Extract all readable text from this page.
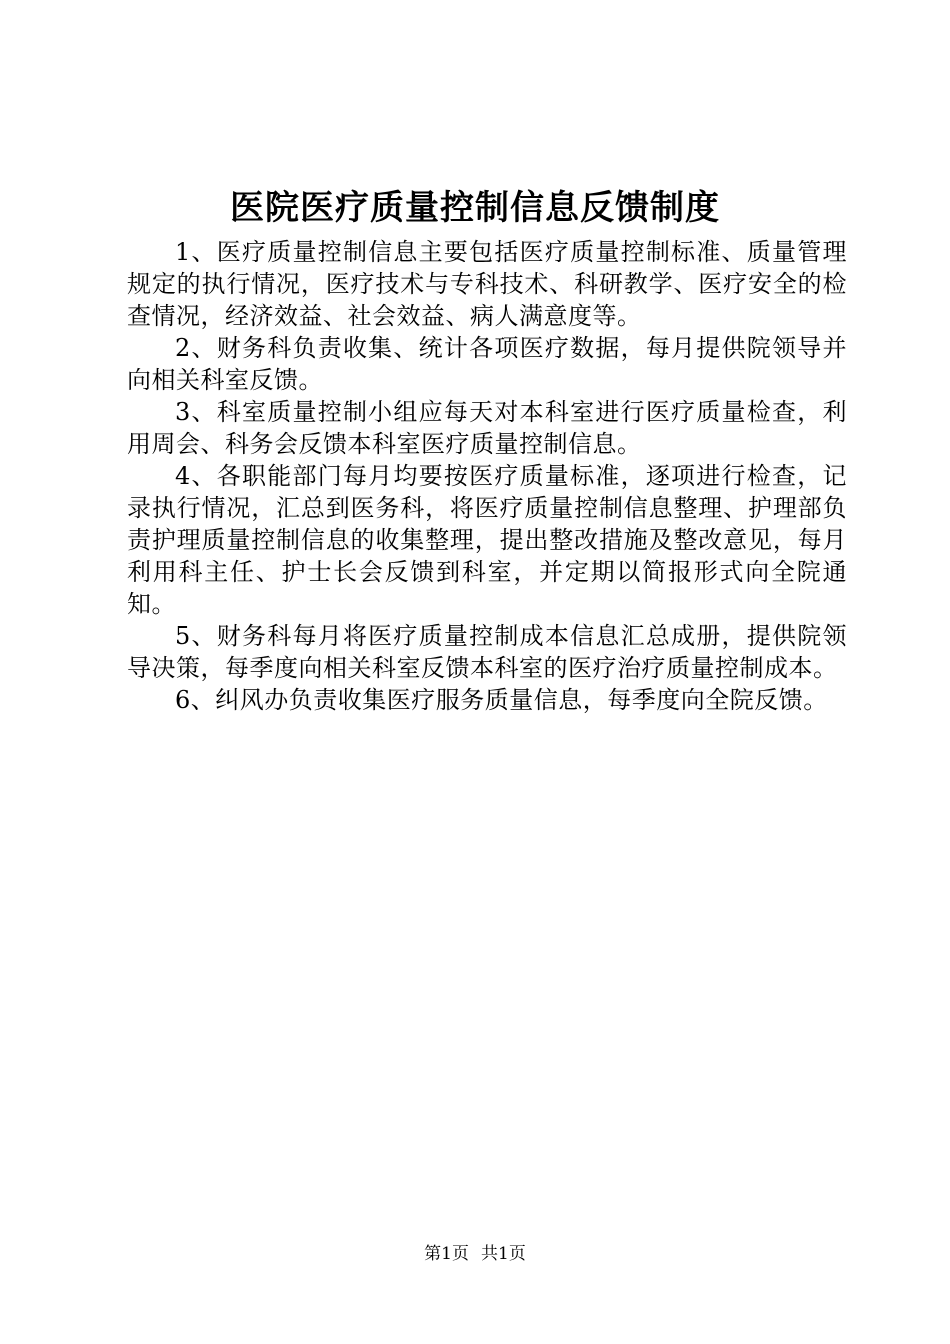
医院医疗质量控制信息反馈制度

1、医疗质量控制信息主要包括医疗质量控制标准、质量管理规定的执行情况，医疗技术与专科技术、科研教学、医疗安全的检查情况，经济效益、社会效益、病人满意度等。

2、财务科负责收集、统计各项医疗数据，每月提供院领导并向相关科室反馈。

3、科室质量控制小组应每天对本科室进行医疗质量检查，利用周会、科务会反馈本科室医疗质量控制信息。

4、各职能部门每月均要按医疗质量标准，逐项进行检查，记录执行情况，汇总到医务科，将医疗质量控制信息整理、护理部负责护理质量控制信息的收集整理，提出整改措施及整改意见，每月利用科主任、护士长会反馈到科室，并定期以简报形式向全院通知。

5、财务科每月将医疗质量控制成本信息汇总成册，提供院领导决策，每季度向相关科室反馈本科室的医疗治疗质量控制成本。

6、纠风办负责收集医疗服务质量信息，每季度向全院反馈。

第1页 共1页
